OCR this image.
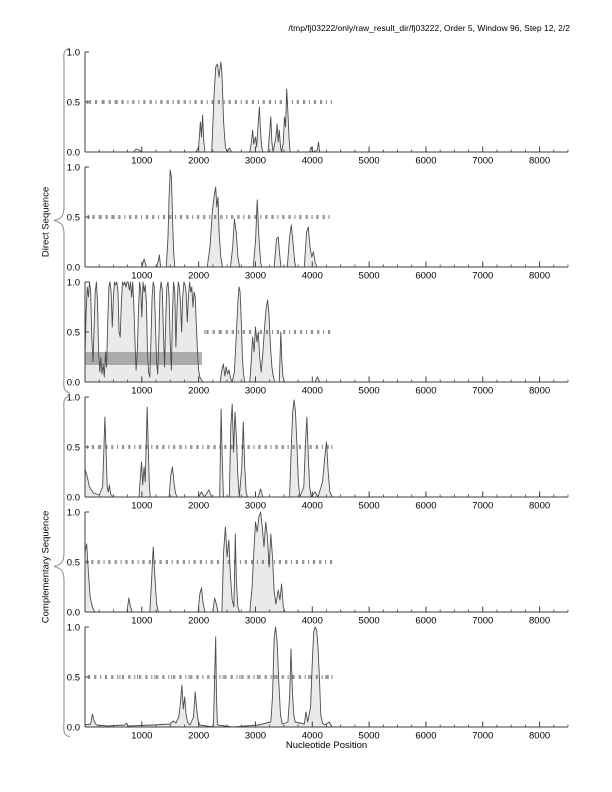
/tmp/fj03222/only/raw_result_dir/fj03222, Order 5, Window 96, Step 12, 2/2
0.0
0.5
1.0
1000	2000	3000	4000	5000	6000	7000	8000
0.0
0.5
1.0
1000	2000	3000	4000	5000	6000	7000	8000
0.0
0.5
1.0
1000	2000	3000	4000	5000	6000	7000	8000
0.0
0.5
1.0
1000	2000	3000	4000	5000	6000	7000	8000
0.0
0.5
1.0
1000	2000	3000	4000	5000	6000	7000	8000
0.0
0.5
1.0
1000	2000	3000	4000	5000	6000	7000	8000
Direct Sequence
Complementary Sequence
Nucleotide Position
